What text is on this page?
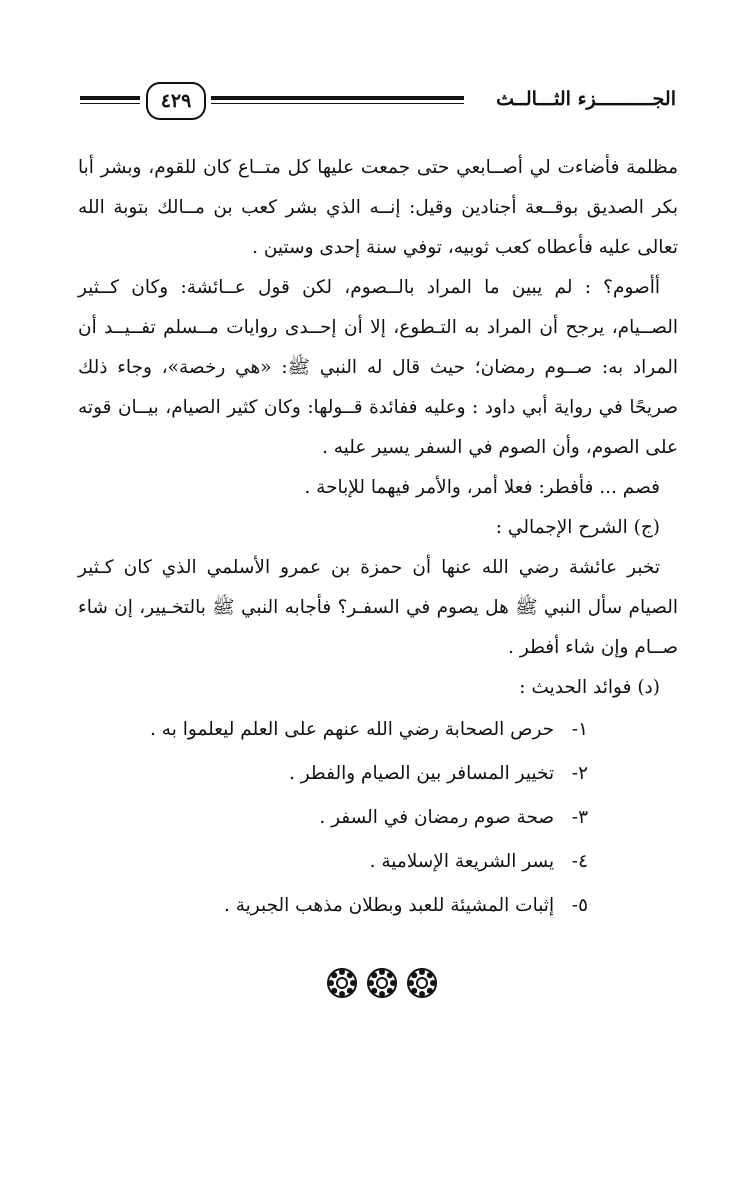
٤٢٩	الجــــــــــزء الثـــالــث

مظلمة فأضاءت لي أصــابعي حتى جمعت عليها كل متــاع كان للقوم، وبشر أبا بكر الصديق بوقــعة أجنادين وقيل: إنــه الذي بشر كعب بن مــالك بتوبة الله تعالى عليه فأعطاه كعب ثوبيه، توفي سنة إحدى وستين .

أأصوم؟ : لم يبين ما المراد بالــصوم، لكن قول عــائشة: وكان كــثير الصــيام، يرجح أن المراد به التـطوع، إلا أن إحــدى روايات مــسلم تفــيــد أن المراد به: صــوم رمضان؛ حيث قال له النبي ﷺ: «هي رخصة»، وجاء ذلك صريحًا في رواية أبي داود : وعليه ففائدة قــولها: وكان كثير الصيام، بيــان قوته على الصوم، وأن الصوم في السفر يسير عليه .

فصم ... فأفطر: فعلا أمر، والأمر فيهما للإباحة .

(ج) الشرح الإجمالي :

تخبر عائشة رضي الله عنها أن حمزة بن عمرو الأسلمي الذي كان كـثير الصيام سأل النبي ﷺ هل يصوم في السفـر؟ فأجابه النبي ﷺ بالتخـيير، إن شاء صــام وإن شاء أفطر .

(د) فوائد الحديث :

١- حرص الصحابة رضي الله عنهم على العلم ليعلموا به .
٢- تخيير المسافر بين الصيام والفطر .
٣- صحة صوم رمضان في السفر .
٤- يسر الشريعة الإسلامية .
٥- إثبات المشيئة للعبد وبطلان مذهب الجبرية .
